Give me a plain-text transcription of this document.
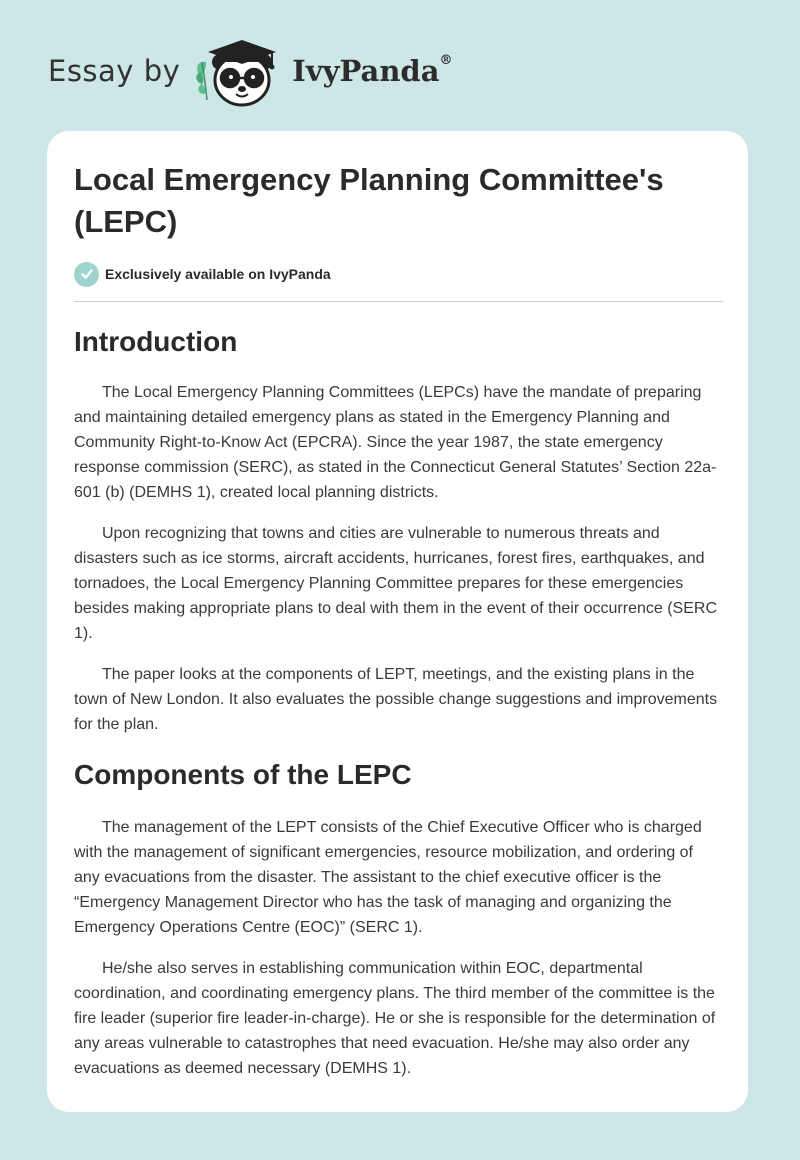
Essay by	IvyPanda®
Local Emergency Planning Committee's (LEPC)
Exclusively available on IvyPanda
Introduction

The Local Emergency Planning Committees (LEPCs) have the mandate of preparing and maintaining detailed emergency plans as stated in the Emergency Planning and Community Right-to-Know Act (EPCRA). Since the year 1987, the state emergency response commission (SERC), as stated in the Connecticut General Statutes’ Section 22a-601 (b) (DEMHS 1), created local planning districts.

Upon recognizing that towns and cities are vulnerable to numerous threats and disasters such as ice storms, aircraft accidents, hurricanes, forest fires, earthquakes, and tornadoes, the Local Emergency Planning Committee prepares for these emergencies besides making appropriate plans to deal with them in the event of their occurrence (SERC 1).

The paper looks at the components of LEPT, meetings, and the existing plans in the town of New London. It also evaluates the possible change suggestions and improvements for the plan.

Components of the LEPC

The management of the LEPT consists of the Chief Executive Officer who is charged with the management of significant emergencies, resource mobilization, and ordering of any evacuations from the disaster. The assistant to the chief executive officer is the “Emergency Management Director who has the task of managing and organizing the Emergency Operations Centre (EOC)” (SERC 1).

He/she also serves in establishing communication within EOC, departmental coordination, and coordinating emergency plans. The third member of the committee is the fire leader (superior fire leader-in-charge). He or she is responsible for the determination of any areas vulnerable to catastrophes that need evacuation. He/she may also order any evacuations as deemed necessary (DEMHS 1).
